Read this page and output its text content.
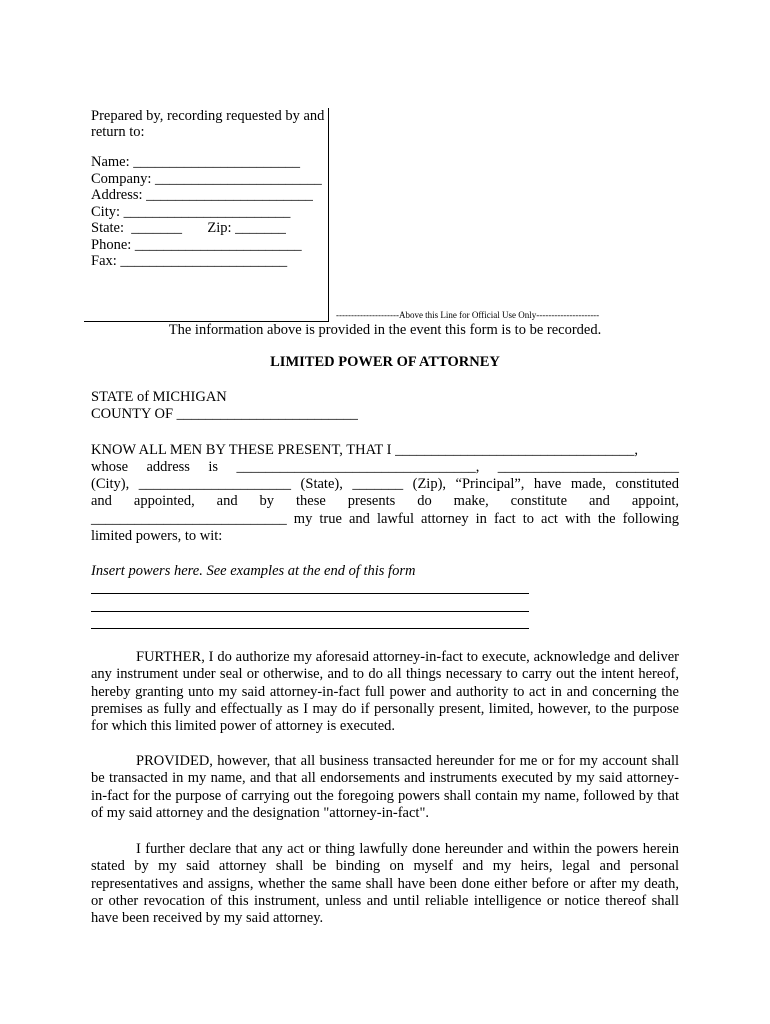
Prepared by, recording requested by and
return to:
Name: _______________________
Company: _______________________
Address: _______________________
City: _______________________
State:  _______       Zip: _______
Phone: _______________________
Fax: _______________________
---------------------Above this Line for Official Use Only---------------------
The information above is provided in the event this form is to be recorded.
LIMITED POWER OF ATTORNEY
STATE of MICHIGAN
COUNTY OF _________________________
KNOW ALL MEN BY THESE PRESENT, THAT I _________________________________,
whose address is _________________________________, _________________________
(City), _____________________ (State), _______ (Zip), “Principal”, have made, constituted
and appointed, and by these presents do make, constitute and appoint,
___________________________ my true and lawful attorney in fact to act with the following
limited powers, to wit:
Insert powers here. See examples at the end of this form
FURTHER, I do authorize my aforesaid attorney-in-fact to execute, acknowledge and deliver any instrument under seal or otherwise, and to do all things necessary to carry out the intent hereof, hereby granting unto my said attorney-in-fact full power and authority to act in and concerning the premises as fully and effectually as I may do if personally present, limited, however, to the purpose for which this limited power of attorney is executed.
PROVIDED, however, that all business transacted hereunder for me or for my account shall be transacted in my name, and that all endorsements and instruments executed by my said attorney-in-fact for the purpose of carrying out the foregoing powers shall contain my name, followed by that of my said attorney and the designation "attorney-in-fact".
I further declare that any act or thing lawfully done hereunder and within the powers herein stated by my said attorney shall be binding on myself and my heirs, legal and personal representatives and assigns, whether the same shall have been done either before or after my death, or other revocation of this instrument, unless and until reliable intelligence or notice thereof shall have been received by my said attorney.
